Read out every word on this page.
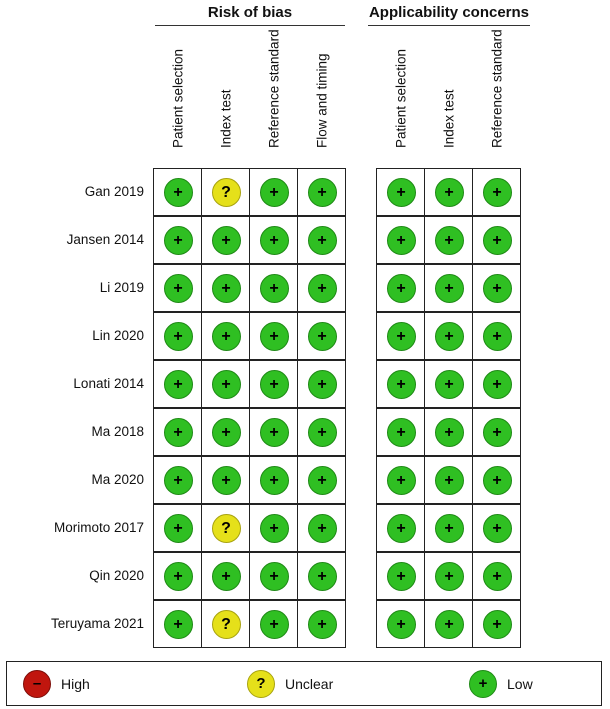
Risk of bias	Applicability concerns
Patient selection Index test Reference standard Flow and timing	Patient selection Index test Reference standard
Gan 2019	+	?	+	+	+	+	+
Jansen 2014	+	+	+	+	+	+	+
Li 2019	+	+	+	+	+	+	+
Lin 2020	+	+	+	+	+	+	+
Lonati 2014	+	+	+	+	+	+	+
Ma 2018	+	+	+	+	+	+	+
Ma 2020	+	+	+	+	+	+	+
Morimoto 2017	+	?	+	+	+	+	+
Qin 2020	+	+	+	+	+	+	+
Teruyama 2021	+	?	+	+	+	+	+
–	High	?	Unclear	+	Low
